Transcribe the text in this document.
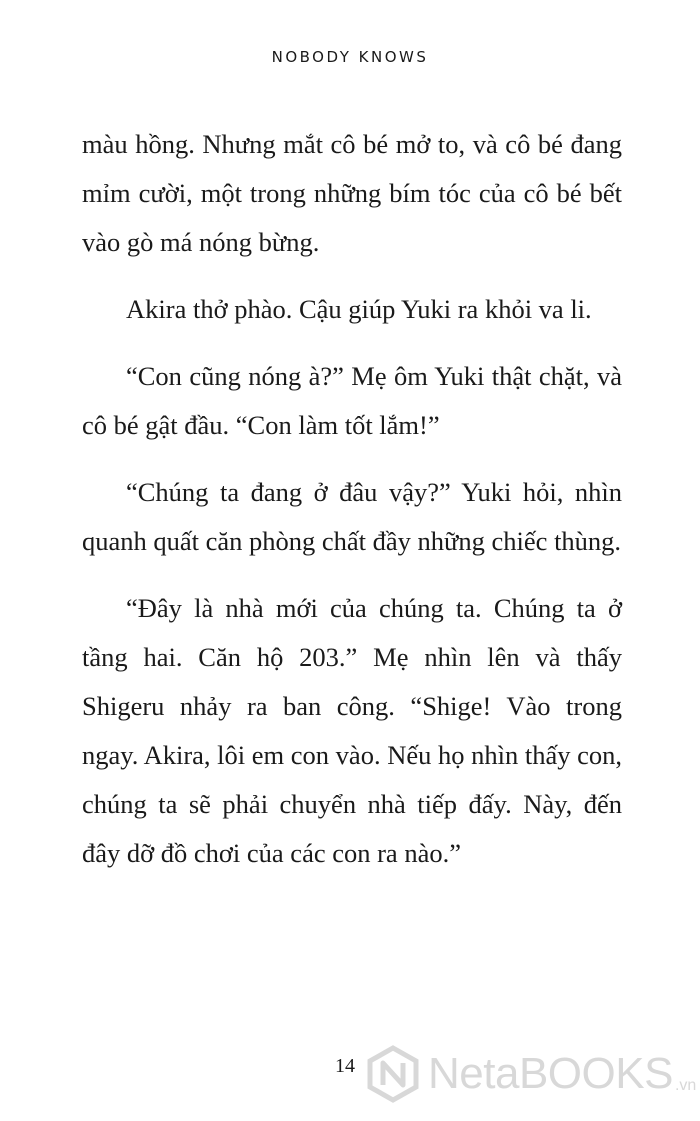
NOBODY KNOWS

màu hồng. Nhưng mắt cô bé mở to, và cô bé đang mỉm cười, một trong những bím tóc của cô bé bết vào gò má nóng bừng.

Akira thở phào. Cậu giúp Yuki ra khỏi va li.

“Con cũng nóng à?” Mẹ ôm Yuki thật chặt, và cô bé gật đầu. “Con làm tốt lắm!”

“Chúng ta đang ở đâu vậy?” Yuki hỏi, nhìn quanh quất căn phòng chất đầy những chiếc thùng.

“Đây là nhà mới của chúng ta. Chúng ta ở tầng hai. Căn hộ 203.” Mẹ nhìn lên và thấy Shigeru nhảy ra ban công. “Shige! Vào trong ngay. Akira, lôi em con vào. Nếu họ nhìn thấy con, chúng ta sẽ phải chuyển nhà tiếp đấy. Này, đến đây dỡ đồ chơi của các con ra nào.”

14	NetaBOOKS .vn
